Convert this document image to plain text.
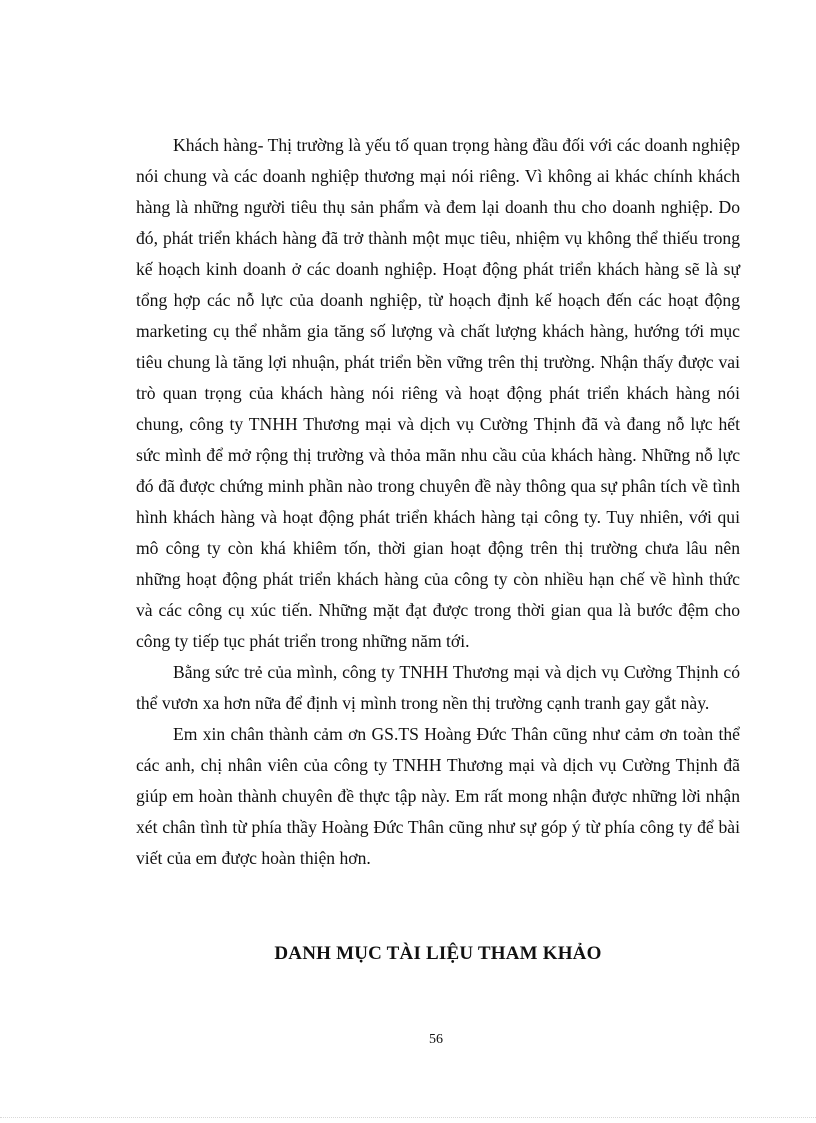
Khách hàng- Thị trường là yếu tố quan trọng hàng đầu đối với các doanh nghiệp nói chung và các doanh nghiệp thương mại nói riêng. Vì không ai khác chính khách hàng là những người tiêu thụ sản phẩm và đem lại doanh thu cho doanh nghiệp. Do đó, phát triển khách hàng đã trở thành một mục tiêu, nhiệm vụ không thể thiếu trong kế hoạch kinh doanh ở các doanh nghiệp. Hoạt động phát triển khách hàng sẽ là sự tổng hợp các nỗ lực của doanh nghiệp, từ hoạch định kế hoạch đến các hoạt động marketing cụ thể nhằm gia tăng số lượng và chất lượng khách hàng, hướng tới mục tiêu chung là tăng lợi nhuận, phát triển bền vững trên thị trường. Nhận thấy được vai trò quan trọng của khách hàng nói riêng và hoạt động phát triển khách hàng nói chung, công ty TNHH Thương mại và dịch vụ Cường Thịnh đã và đang nỗ lực hết sức mình để mở rộng thị trường và thỏa mãn nhu cầu của khách hàng. Những nỗ lực đó đã được chứng minh phần nào trong chuyên đề này thông qua sự phân tích về tình hình khách hàng và hoạt động phát triển khách hàng tại công ty. Tuy nhiên, với qui mô công ty còn khá khiêm tốn, thời gian hoạt động trên thị trường chưa lâu nên những hoạt động phát triển khách hàng của công ty còn nhiều hạn chế về hình thức và các công cụ xúc tiến. Những mặt đạt được trong thời gian qua là bước đệm cho công ty tiếp tục phát triển trong những năm tới.

Bằng sức trẻ của mình, công ty TNHH Thương mại và dịch vụ Cường Thịnh có thể vươn xa hơn nữa để định vị mình trong nền thị trường cạnh tranh gay gắt này.

Em xin chân thành cảm ơn GS.TS Hoàng Đức Thân cũng như cảm ơn toàn thể các anh, chị nhân viên của công ty TNHH Thương mại và dịch vụ Cường Thịnh đã giúp em hoàn thành chuyên đề thực tập này. Em rất mong nhận được những lời nhận xét chân tình từ phía thầy Hoàng Đức Thân cũng như sự góp ý từ phía công ty để bài viết của em được hoàn thiện hơn.

DANH MỤC TÀI LIỆU THAM KHẢO
56
